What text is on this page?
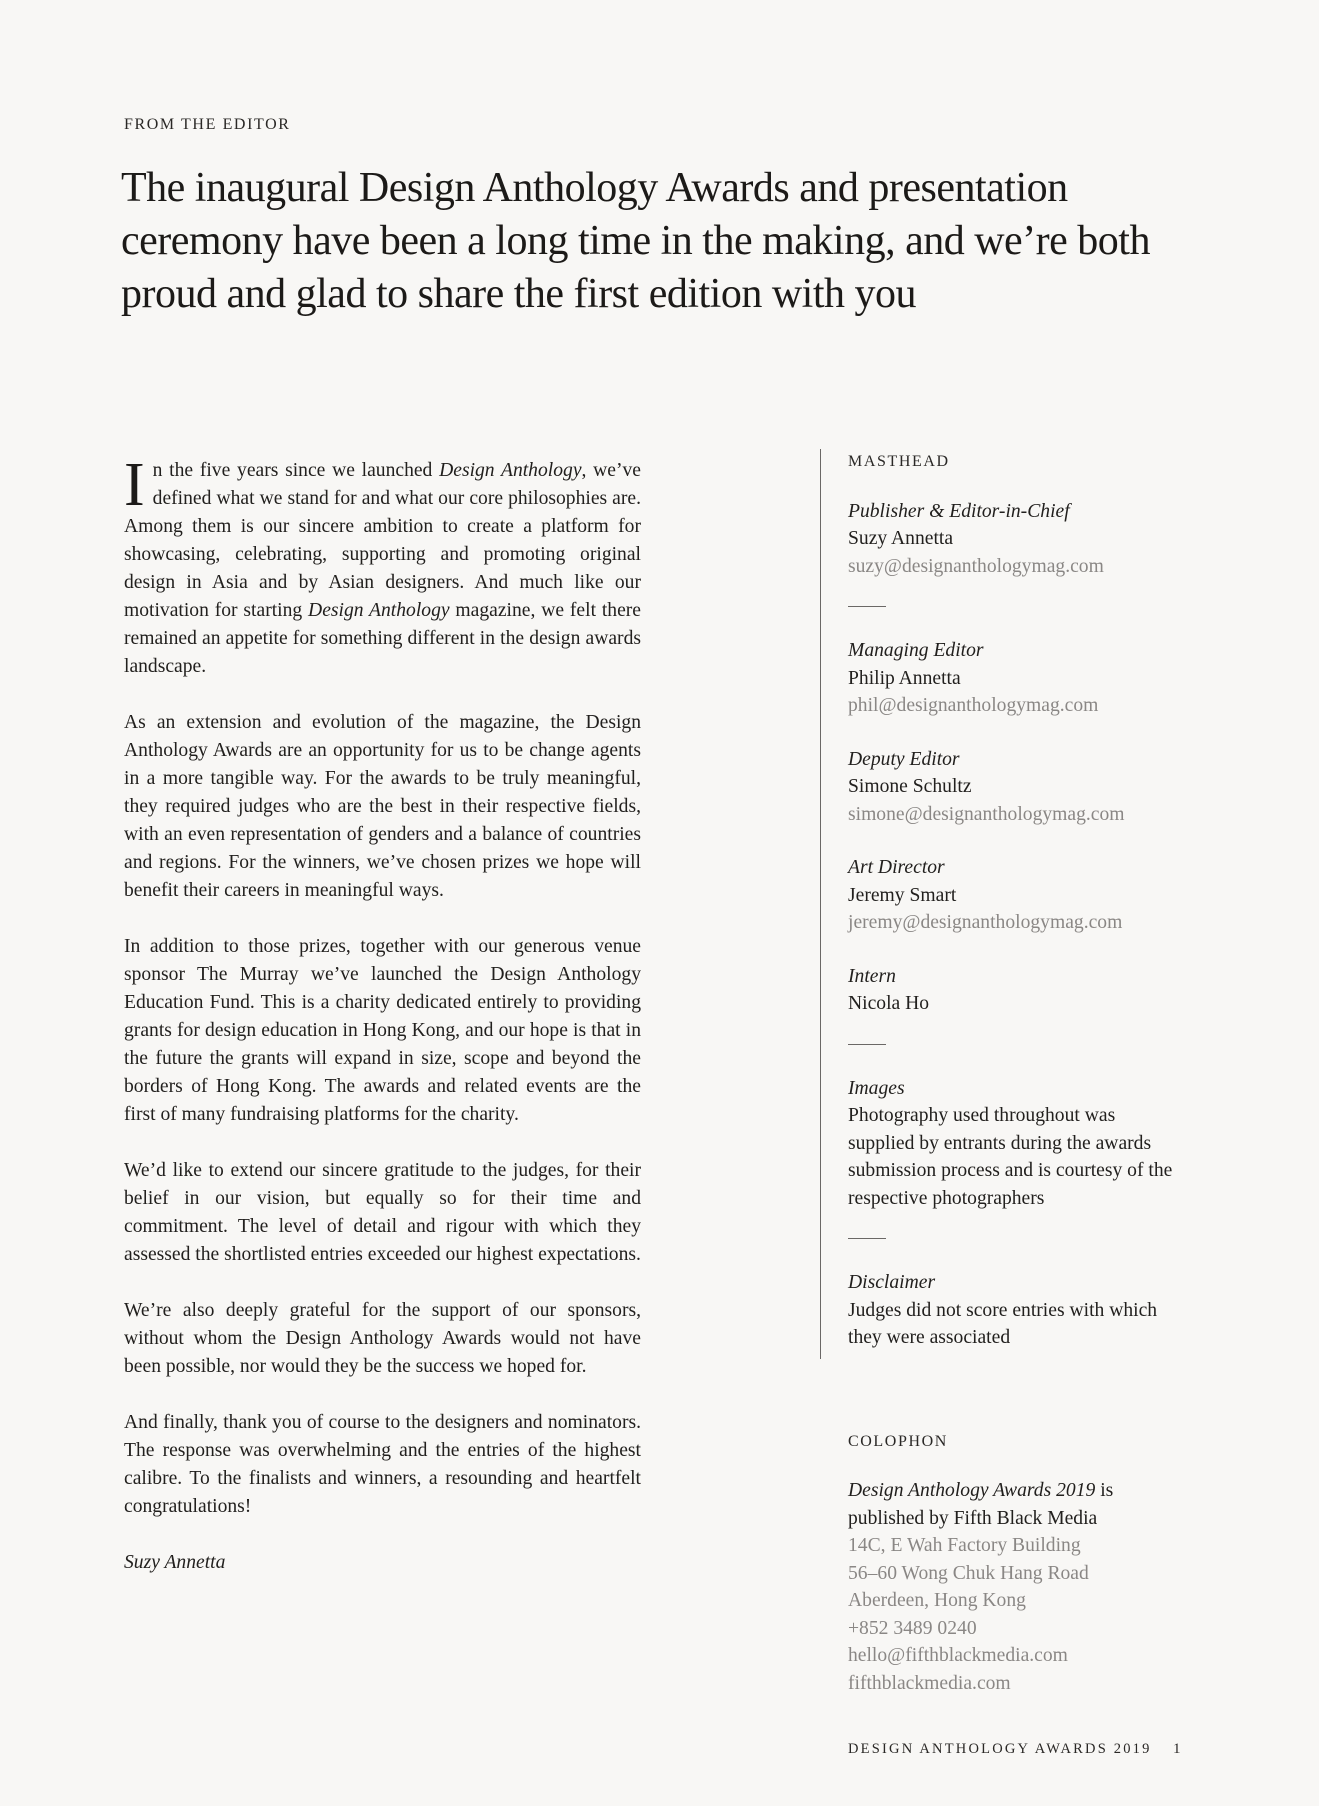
FROM THE EDITOR
The inaugural Design Anthology Awards and presentation ceremony have been a long time in the making, and we’re both proud and glad to share the first edition with you

In the five years since we launched Design Anthology, we’ve defined what we stand for and what our core philosophies are. Among them is our sincere ambition to create a platform for showcasing, celebrating, supporting and promoting original design in Asia and by Asian designers. And much like our motivation for starting Design Anthology magazine, we felt there remained an appetite for something different in the design awards landscape.

As an extension and evolution of the magazine, the Design Anthology Awards are an opportunity for us to be change agents in a more tangible way. For the awards to be truly meaningful, they required judges who are the best in their respective fields, with an even representation of genders and a balance of countries and regions. For the winners, we’ve chosen prizes we hope will benefit their careers in meaningful ways.

In addition to those prizes, together with our generous venue sponsor The Murray we’ve launched the Design Anthology Education Fund. This is a charity dedicated entirely to providing grants for design education in Hong Kong, and our hope is that in the future the grants will expand in size, scope and beyond the borders of Hong Kong. The awards and related events are the first of many fundraising platforms for the charity.

We’d like to extend our sincere gratitude to the judges, for their belief in our vision, but equally so for their time and commitment. The level of detail and rigour with which they assessed the shortlisted entries exceeded our highest expectations.

We’re also deeply grateful for the support of our sponsors, without whom the Design Anthology Awards would not have been possible, nor would they be the success we hoped for.

And finally, thank you of course to the designers and nominators. The response was overwhelming and the entries of the highest calibre. To the finalists and winners, a resounding and heartfelt congratulations!

Suzy Annetta

MASTHEAD
Publisher & Editor-in-Chief
Suzy Annetta
suzy@designanthologymag.com
Managing Editor
Philip Annetta
phil@designanthologymag.com
Deputy Editor
Simone Schultz
simone@designanthologymag.com
Art Director
Jeremy Smart
jeremy@designanthologymag.com
Intern
Nicola Ho
Images
Photography used throughout was supplied by entrants during the awards submission process and is courtesy of the respective photographers
Disclaimer
Judges did not score entries with which they were associated
COLOPHON
Design Anthology Awards 2019 is published by Fifth Black Media
14C, E Wah Factory Building
56–60 Wong Chuk Hang Road
Aberdeen, Hong Kong
+852 3489 0240
hello@fifthblackmedia.com
fifthblackmedia.com
DESIGN ANTHOLOGY AWARDS 2019 1
